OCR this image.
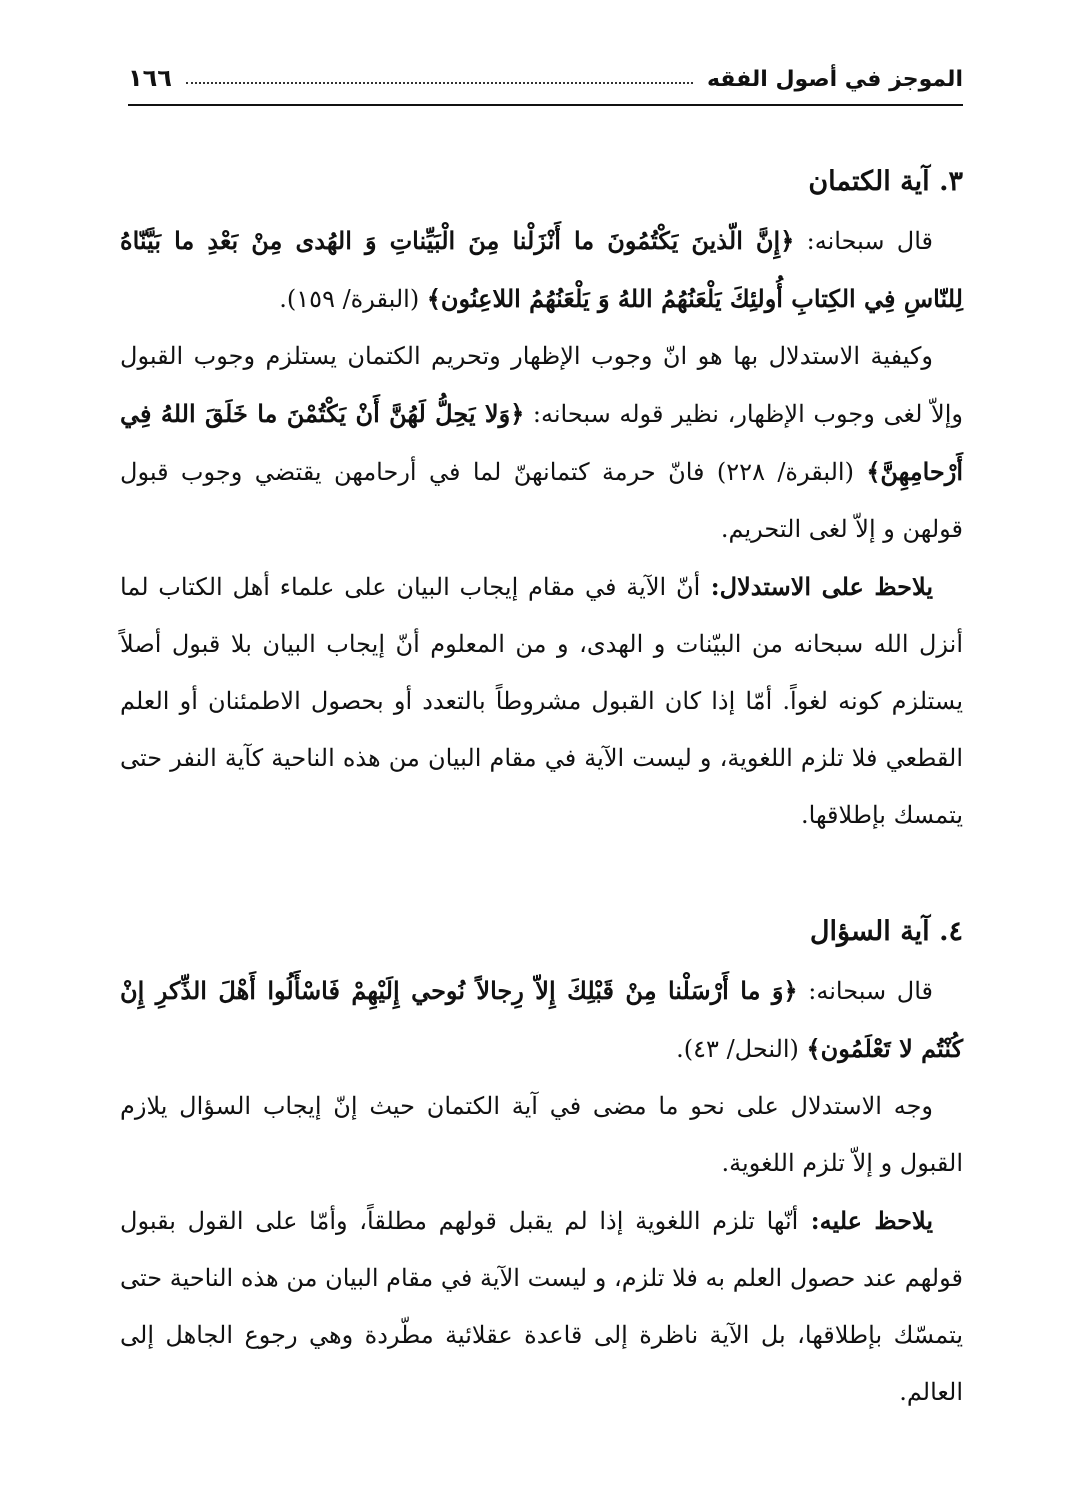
الموجز في أصول الفقه
١٦٦
٣. آية الكتمان

قال سبحانه: ﴿إِنَّ الّذينَ يَكْتُمُونَ ما أَنْزَلْنا مِنَ الْبَيِّناتِ وَ الهُدى مِنْ بَعْدِ ما بَيَّنّاهُ لِلنّاسِ فِي الكِتابِ أُولئِكَ يَلْعَنُهُمُ اللهُ وَ يَلْعَنُهُمُ اللاعِنُون﴾ (البقرة/ ١٥٩).

وكيفية الاستدلال بها هو انّ وجوب الإظهار وتحريم الكتمان يستلزم وجوب القبول وإلاّ لغى وجوب الإظهار، نظير قوله سبحانه: ﴿وَلا يَحِلُّ لَهُنَّ أَنْ يَكْتُمْنَ ما خَلَقَ اللهُ فِي أَرْحامِهِنَّ﴾ (البقرة/ ٢٢٨) فانّ حرمة كتمانهنّ لما في أرحامهن يقتضي وجوب قبول قولهن و إلاّ لغى التحريم.

يلاحظ على الاستدلال: أنّ الآية في مقام إيجاب البيان على علماء أهل الكتاب لما أنزل الله سبحانه من البيّنات و الهدى، و من المعلوم أنّ إيجاب البيان بلا قبول أصلاً يستلزم كونه لغواً. أمّا إذا كان القبول مشروطاً بالتعدد أو بحصول الاطمئنان أو العلم القطعي فلا تلزم اللغوية، و ليست الآية في مقام البيان من هذه الناحية كآية النفر حتى يتمسك بإطلاقها.

٤. آية السؤال

قال سبحانه: ﴿وَ ما أَرْسَلْنا مِنْ قَبْلِكَ إِلاّ رِجالاً نُوحي إِلَيْهِمْ فَاسْأَلُوا أَهْلَ الذِّكرِ إِنْ كُنْتُم لا تَعْلَمُون﴾ (النحل/ ٤٣).

وجه الاستدلال على نحو ما مضى في آية الكتمان حيث إنّ إيجاب السؤال يلازم القبول و إلاّ تلزم اللغوية.

يلاحظ عليه: أنّها تلزم اللغوية إذا لم يقبل قولهم مطلقاً، وأمّا على القول بقبول قولهم عند حصول العلم به فلا تلزم، و ليست الآية في مقام البيان من هذه الناحية حتى يتمسّك بإطلاقها، بل الآية ناظرة إلى قاعدة عقلائية مطّردة وهي رجوع الجاهل إلى العالم.
